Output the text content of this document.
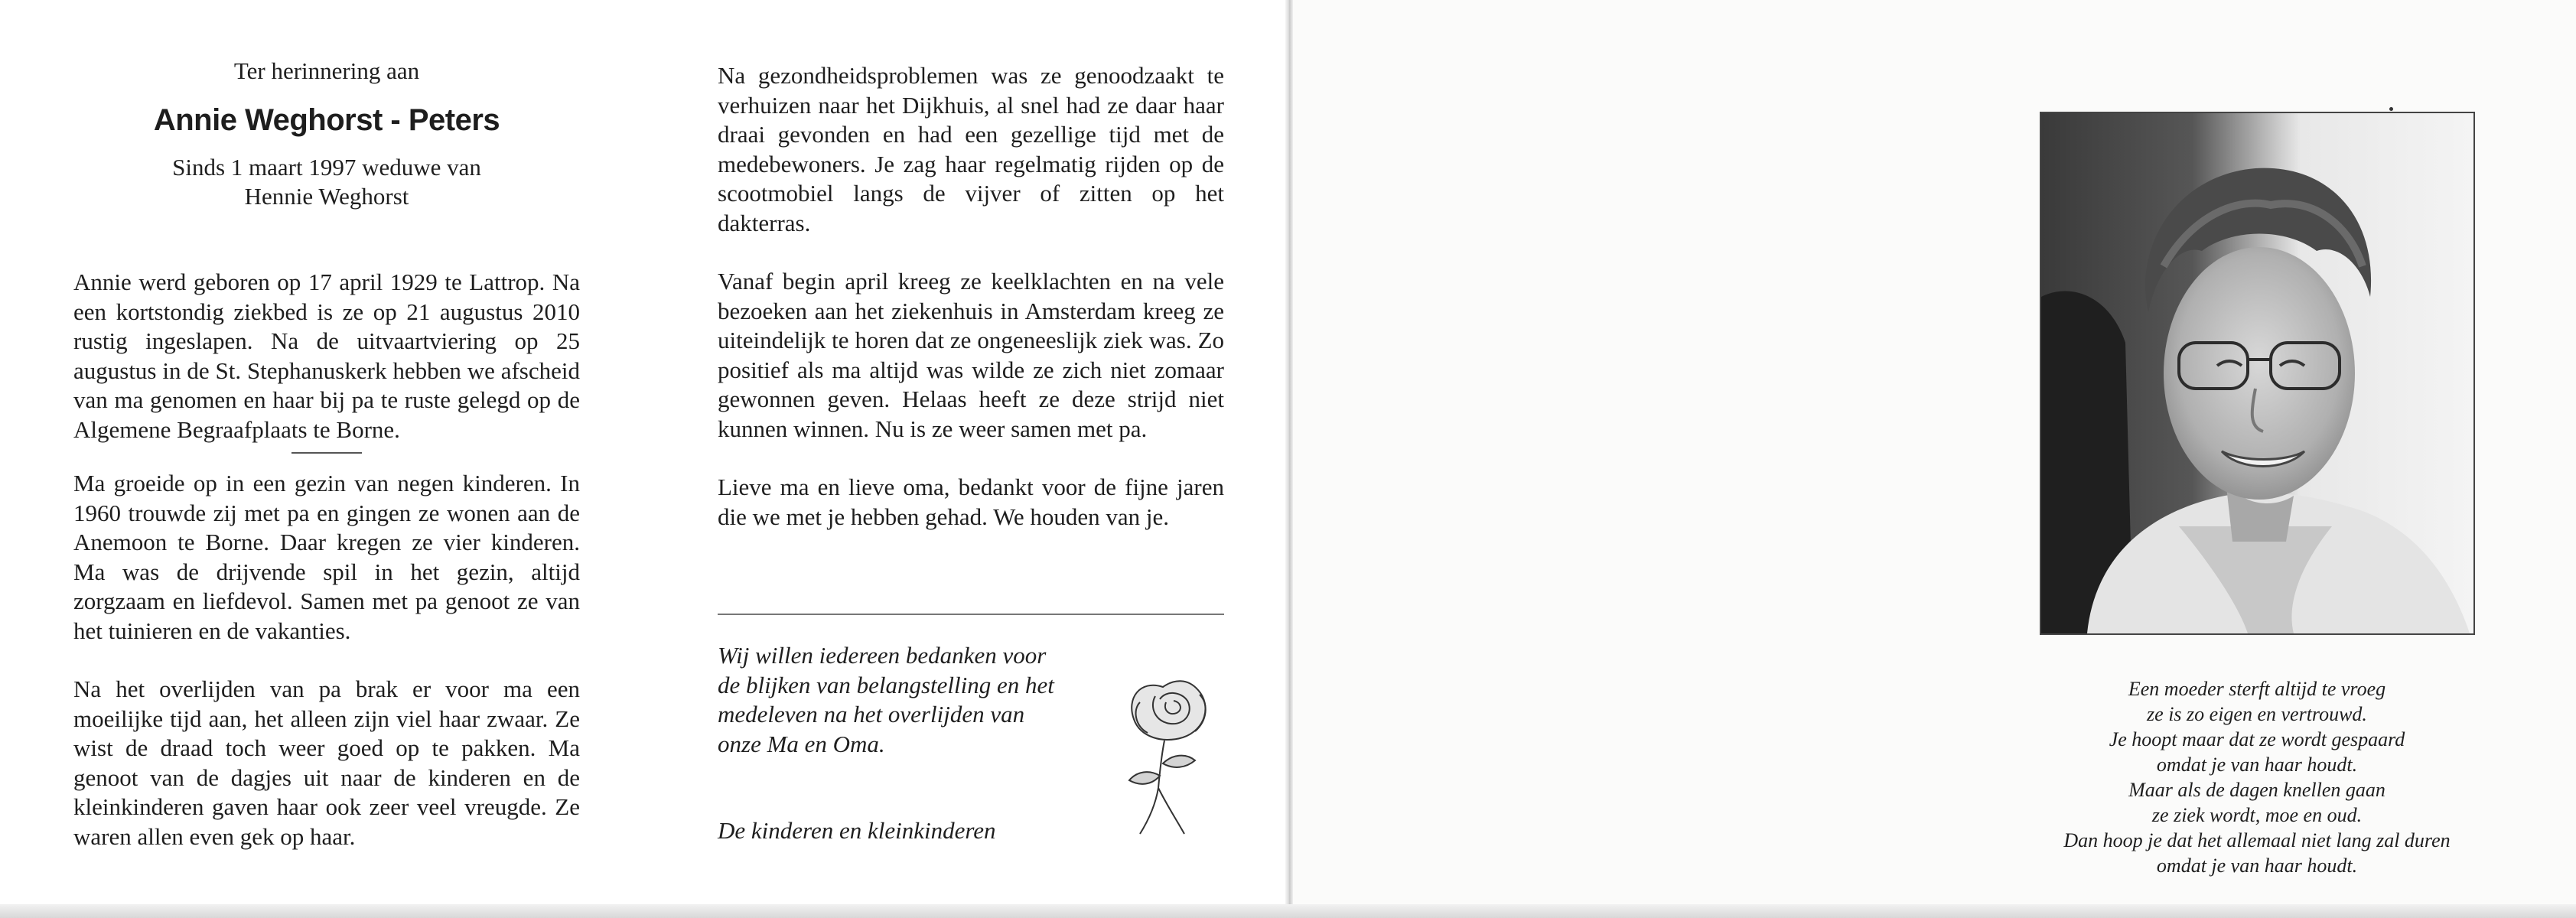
Ter herinnering aan
Annie Weghorst - Peters
Sinds 1 maart 1997 weduwe van
Hennie Weghorst

Annie werd geboren op 17 april 1929 te Lattrop. Na een kortstondig ziekbed is ze op 21 augustus 2010 rustig ingeslapen. Na de uitvaartviering op 25 augustus in de St. Stephanuskerk hebben we afscheid van ma genomen en haar bij pa te ruste gelegd op de Algemene Begraafplaats te Borne.

Ma groeide op in een gezin van negen kinderen. In 1960 trouwde zij met pa en gingen ze wonen aan de Anemoon te Borne. Daar kregen ze vier kinderen. Ma was de drijvende spil in het gezin, altijd zorgzaam en liefdevol. Samen met pa genoot ze van het tuinieren en de vakanties.

Na het overlijden van pa brak er voor ma een moeilijke tijd aan, het alleen zijn viel haar zwaar. Ze wist de draad toch weer goed op te pakken. Ma genoot van de dagjes uit naar de kinderen en de kleinkinderen gaven haar ook zeer veel vreugde. Ze waren allen even gek op haar.

Na gezondheidsproblemen was ze genoodzaakt te verhuizen naar het Dijkhuis, al snel had ze daar haar draai gevonden en had een gezellige tijd met de medebewoners. Je zag haar regelmatig rijden op de scootmobiel langs de vijver of zitten op het dakterras.

Vanaf begin april kreeg ze keelklachten en na vele bezoeken aan het ziekenhuis in Amsterdam kreeg ze uiteindelijk te horen dat ze ongeneeslijk ziek was. Zo positief als ma altijd was wilde ze zich niet zomaar gewonnen geven. Helaas heeft ze deze strijd niet kunnen winnen. Nu is ze weer samen met pa.

Lieve ma en lieve oma, bedankt voor de fijne jaren die we met je hebben gehad. We houden van je.

Wij willen iedereen bedanken voor
de blijken van belangstelling en het
medeleven na het overlijden van
onze Ma en Oma.
De kinderen en kleinkinderen

Een moeder sterft altijd te vroeg

ze is zo eigen en vertrouwd.

Je hoopt maar dat ze wordt gespaard

omdat je van haar houdt.

Maar als de dagen knellen gaan

ze ziek wordt, moe en oud.

Dan hoop je dat het allemaal niet lang zal duren

omdat je van haar houdt.
